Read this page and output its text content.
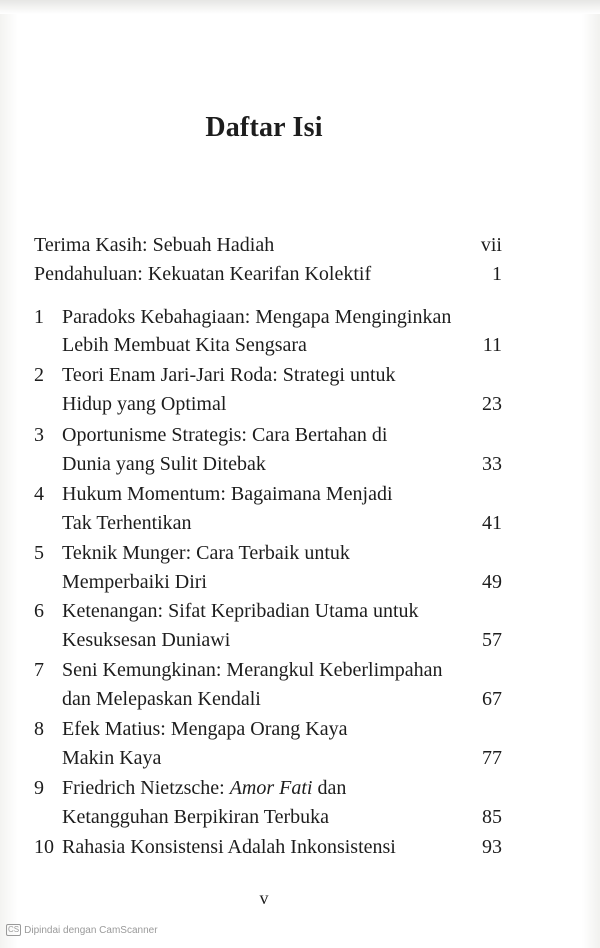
Daftar Isi
Terima Kasih: Sebuah Hadiah	vii
Pendahuluan: Kekuatan Kearifan Kolektif	1
1 Paradoks Kebahagiaan: Mengapa Menginginkan
Lebih Membuat Kita Sengsara	11
2 Teori Enam Jari-Jari Roda: Strategi untuk
Hidup yang Optimal	23
3 Oportunisme Strategis: Cara Bertahan di
Dunia yang Sulit Ditebak	33
4 Hukum Momentum: Bagaimana Menjadi
Tak Terhentikan	41
5 Teknik Munger: Cara Terbaik untuk
Memperbaiki Diri	49
6 Ketenangan: Sifat Kepribadian Utama untuk
Kesuksesan Duniawi	57
7 Seni Kemungkinan: Merangkul Keberlimpahan
dan Melepaskan Kendali	67
8 Efek Matius: Mengapa Orang Kaya
Makin Kaya	77
9 Friedrich Nietzsche: Amor Fati dan
Ketangguhan Berpikiran Terbuka	85
10 Rahasia Konsistensi Adalah Inkonsistensi	93
v
CS Dipindai dengan CamScanner
